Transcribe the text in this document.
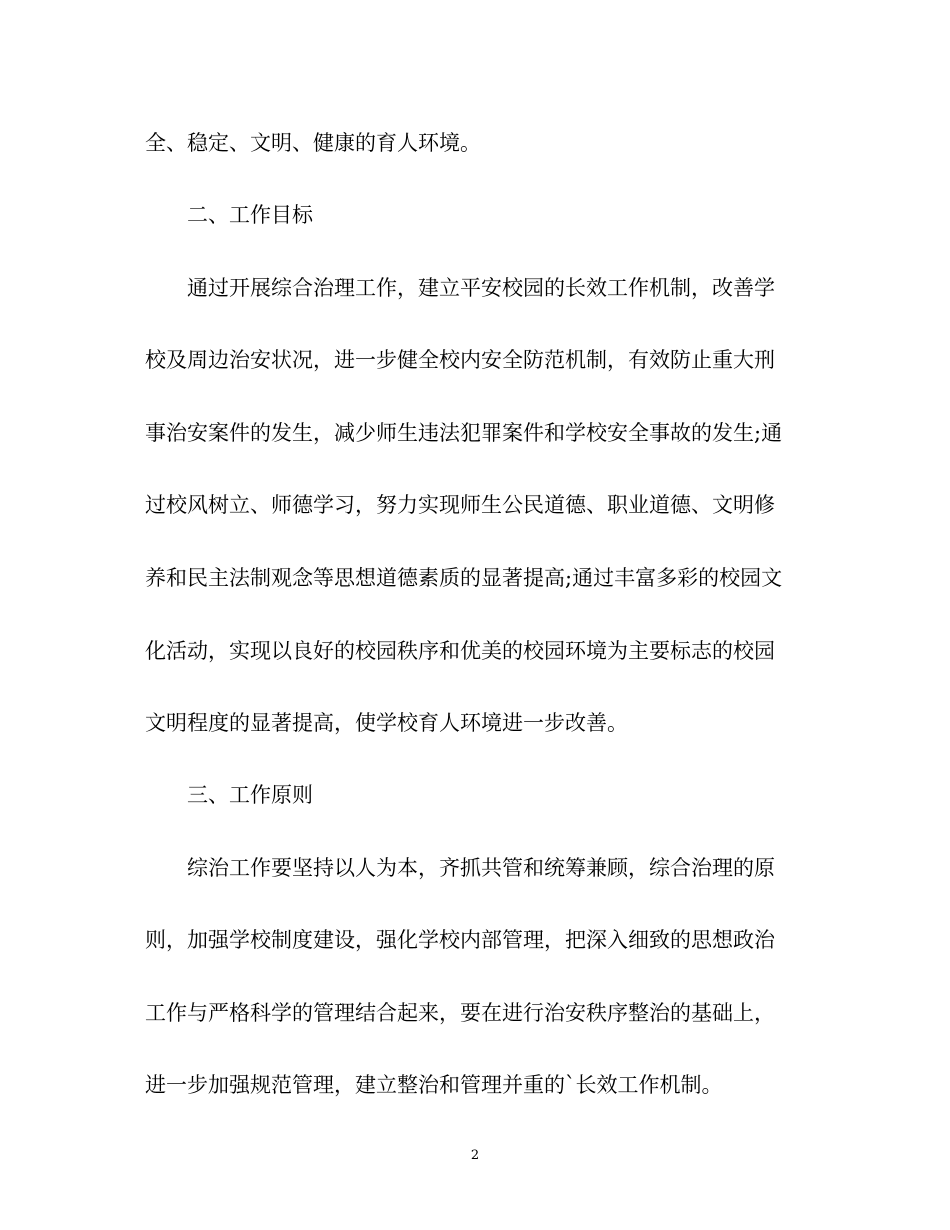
全、稳定、文明、健康的育人环境。

二、工作目标

通过开展综合治理工作，建立平安校园的长效工作机制，改善学

校及周边治安状况，进一步健全校内安全防范机制，有效防止重大刑

事治安案件的发生，减少师生违法犯罪案件和学校安全事故的发生;通

过校风树立、师德学习，努力实现师生公民道德、职业道德、文明修

养和民主法制观念等思想道德素质的显著提高;通过丰富多彩的校园文

化活动，实现以良好的校园秩序和优美的校园环境为主要标志的校园

文明程度的显著提高，使学校育人环境进一步改善。

三、工作原则

综治工作要坚持以人为本，齐抓共管和统筹兼顾，综合治理的原

则，加强学校制度建设，强化学校内部管理，把深入细致的思想政治

工作与严格科学的管理结合起来，要在进行治安秩序整治的基础上，

进一步加强规范管理，建立整治和管理并重的`长效工作机制。

2
